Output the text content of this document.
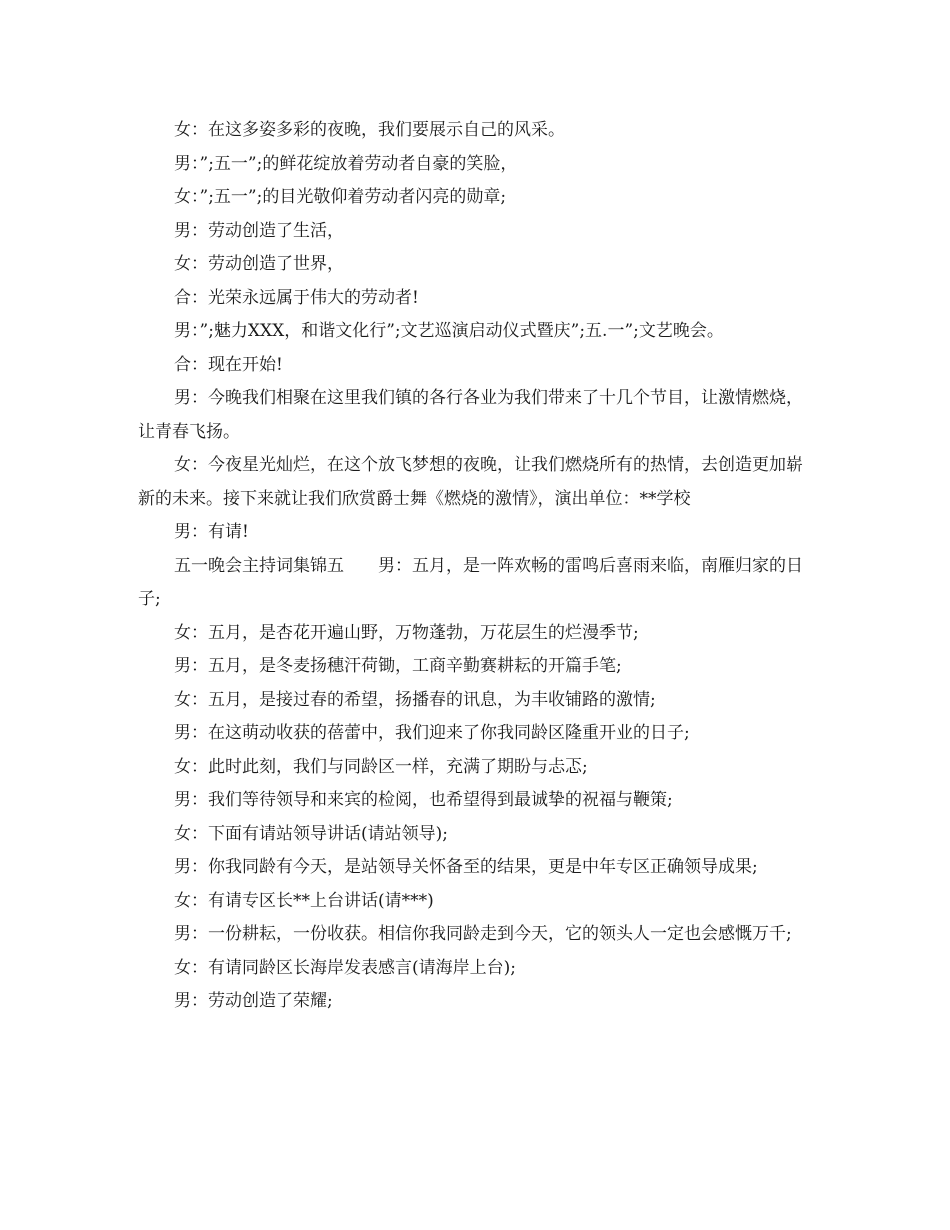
女：在这多姿多彩的夜晚，我们要展示自己的风采。

男：”;五一”;的鲜花绽放着劳动者自豪的笑脸，

女：”;五一”;的目光敬仰着劳动者闪亮的勋章;

男：劳动创造了生活，

女：劳动创造了世界，

合：光荣永远属于伟大的劳动者!

男：”;魅力XXX，和谐文化行”;文艺巡演启动仪式暨庆”;五.一”;文艺晚会。

合：现在开始!

男：今晚我们相聚在这里我们镇的各行各业为我们带来了十几个节目，让激情燃烧，让青春飞扬。

女：今夜星光灿烂，在这个放飞梦想的夜晚，让我们燃烧所有的热情，去创造更加崭新的未来。接下来就让我们欣赏爵士舞《燃烧的激情》，演出单位：**学校

男：有请!

五一晚会主持词集锦五　　男：五月，是一阵欢畅的雷鸣后喜雨来临，南雁归家的日子;

女：五月，是杏花开遍山野，万物蓬勃，万花层生的烂漫季节;

男：五月，是冬麦扬穗汗荷锄，工商辛勤赛耕耘的开篇手笔;

女：五月，是接过春的希望，扬播春的讯息，为丰收铺路的激情;

男：在这萌动收获的蓓蕾中，我们迎来了你我同龄区隆重开业的日子;

女：此时此刻，我们与同龄区一样，充满了期盼与忐忑;

男：我们等待领导和来宾的检阅，也希望得到最诚挚的祝福与鞭策;

女：下面有请站领导讲话(请站领导);

男：你我同龄有今天，是站领导关怀备至的结果，更是中年专区正确领导成果;

女：有请专区长**上台讲话(请***)

男：一份耕耘，一份收获。相信你我同龄走到今天，它的领头人一定也会感慨万千;

女：有请同龄区长海岸发表感言(请海岸上台);

男：劳动创造了荣耀;
